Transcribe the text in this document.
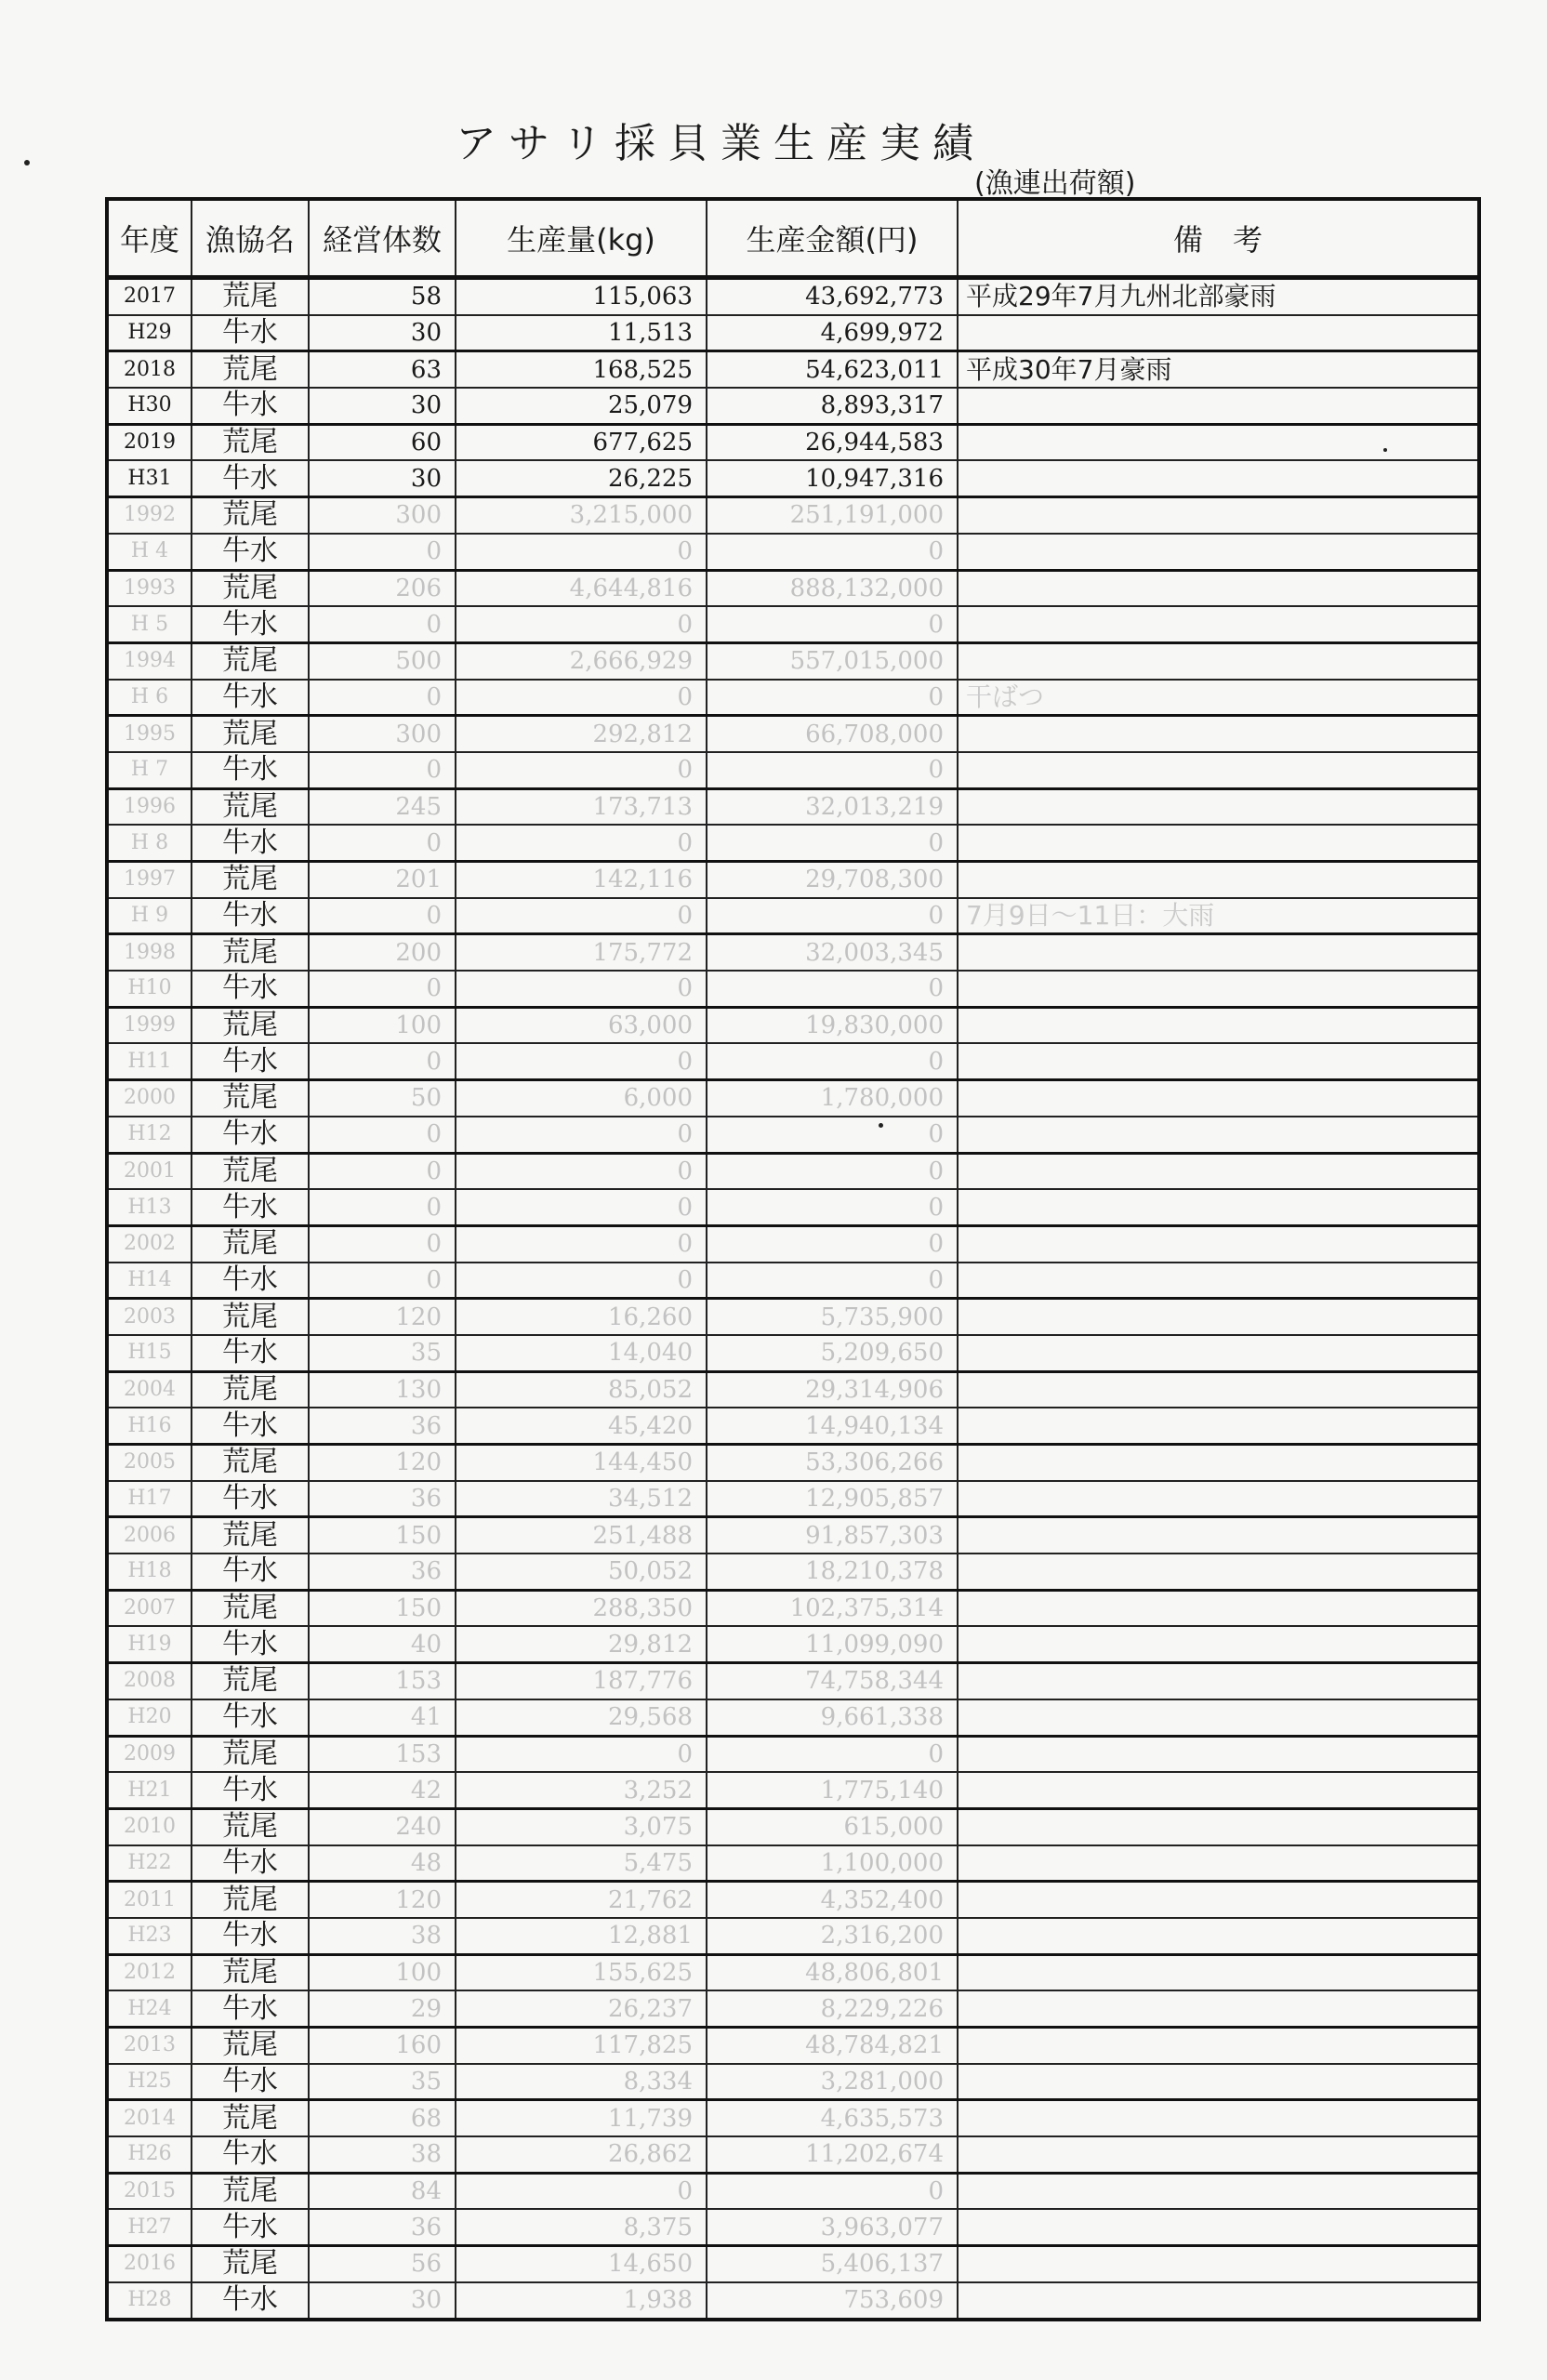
アサリ採貝業生産実績
(漁連出荷額)
年度	漁協名	経営体数	生産量(kg)	生産金額(円)	備　考
2017	荒尾	58	115,063	43,692,773	平成29年7月九州北部豪雨
H29	牛水	30	11,513	4,699,972	
2018	荒尾	63	168,525	54,623,011	平成30年7月豪雨
H30	牛水	30	25,079	8,893,317	
2019	荒尾	60	677,625	26,944,583	
H31	牛水	30	26,225	10,947,316	
1992	荒尾	300	3,215,000	251,191,000	
H 4	牛水	0	0	0	
1993	荒尾	206	4,644,816	888,132,000	
H 5	牛水	0	0	0	
1994	荒尾	500	2,666,929	557,015,000	
H 6	牛水	0	0	0	干ばつ
1995	荒尾	300	292,812	66,708,000	
H 7	牛水	0	0	0	
1996	荒尾	245	173,713	32,013,219	
H 8	牛水	0	0	0	
1997	荒尾	201	142,116	29,708,300	
H 9	牛水	0	0	0	7月9日～11日：大雨
1998	荒尾	200	175,772	32,003,345	
H10	牛水	0	0	0	
1999	荒尾	100	63,000	19,830,000	
H11	牛水	0	0	0	
2000	荒尾	50	6,000	1,780,000	
H12	牛水	0	0	0	
2001	荒尾	0	0	0	
H13	牛水	0	0	0	
2002	荒尾	0	0	0	
H14	牛水	0	0	0	
2003	荒尾	120	16,260	5,735,900	
H15	牛水	35	14,040	5,209,650	
2004	荒尾	130	85,052	29,314,906	
H16	牛水	36	45,420	14,940,134	
2005	荒尾	120	144,450	53,306,266	
H17	牛水	36	34,512	12,905,857	
2006	荒尾	150	251,488	91,857,303	
H18	牛水	36	50,052	18,210,378	
2007	荒尾	150	288,350	102,375,314	
H19	牛水	40	29,812	11,099,090	
2008	荒尾	153	187,776	74,758,344	
H20	牛水	41	29,568	9,661,338	
2009	荒尾	153	0	0	
H21	牛水	42	3,252	1,775,140	
2010	荒尾	240	3,075	615,000	
H22	牛水	48	5,475	1,100,000	
2011	荒尾	120	21,762	4,352,400	
H23	牛水	38	12,881	2,316,200	
2012	荒尾	100	155,625	48,806,801	
H24	牛水	29	26,237	8,229,226	
2013	荒尾	160	117,825	48,784,821	
H25	牛水	35	8,334	3,281,000	
2014	荒尾	68	11,739	4,635,573	
H26	牛水	38	26,862	11,202,674	
2015	荒尾	84	0	0	
H27	牛水	36	8,375	3,963,077	
2016	荒尾	56	14,650	5,406,137	
H28	牛水	30	1,938	753,609	
